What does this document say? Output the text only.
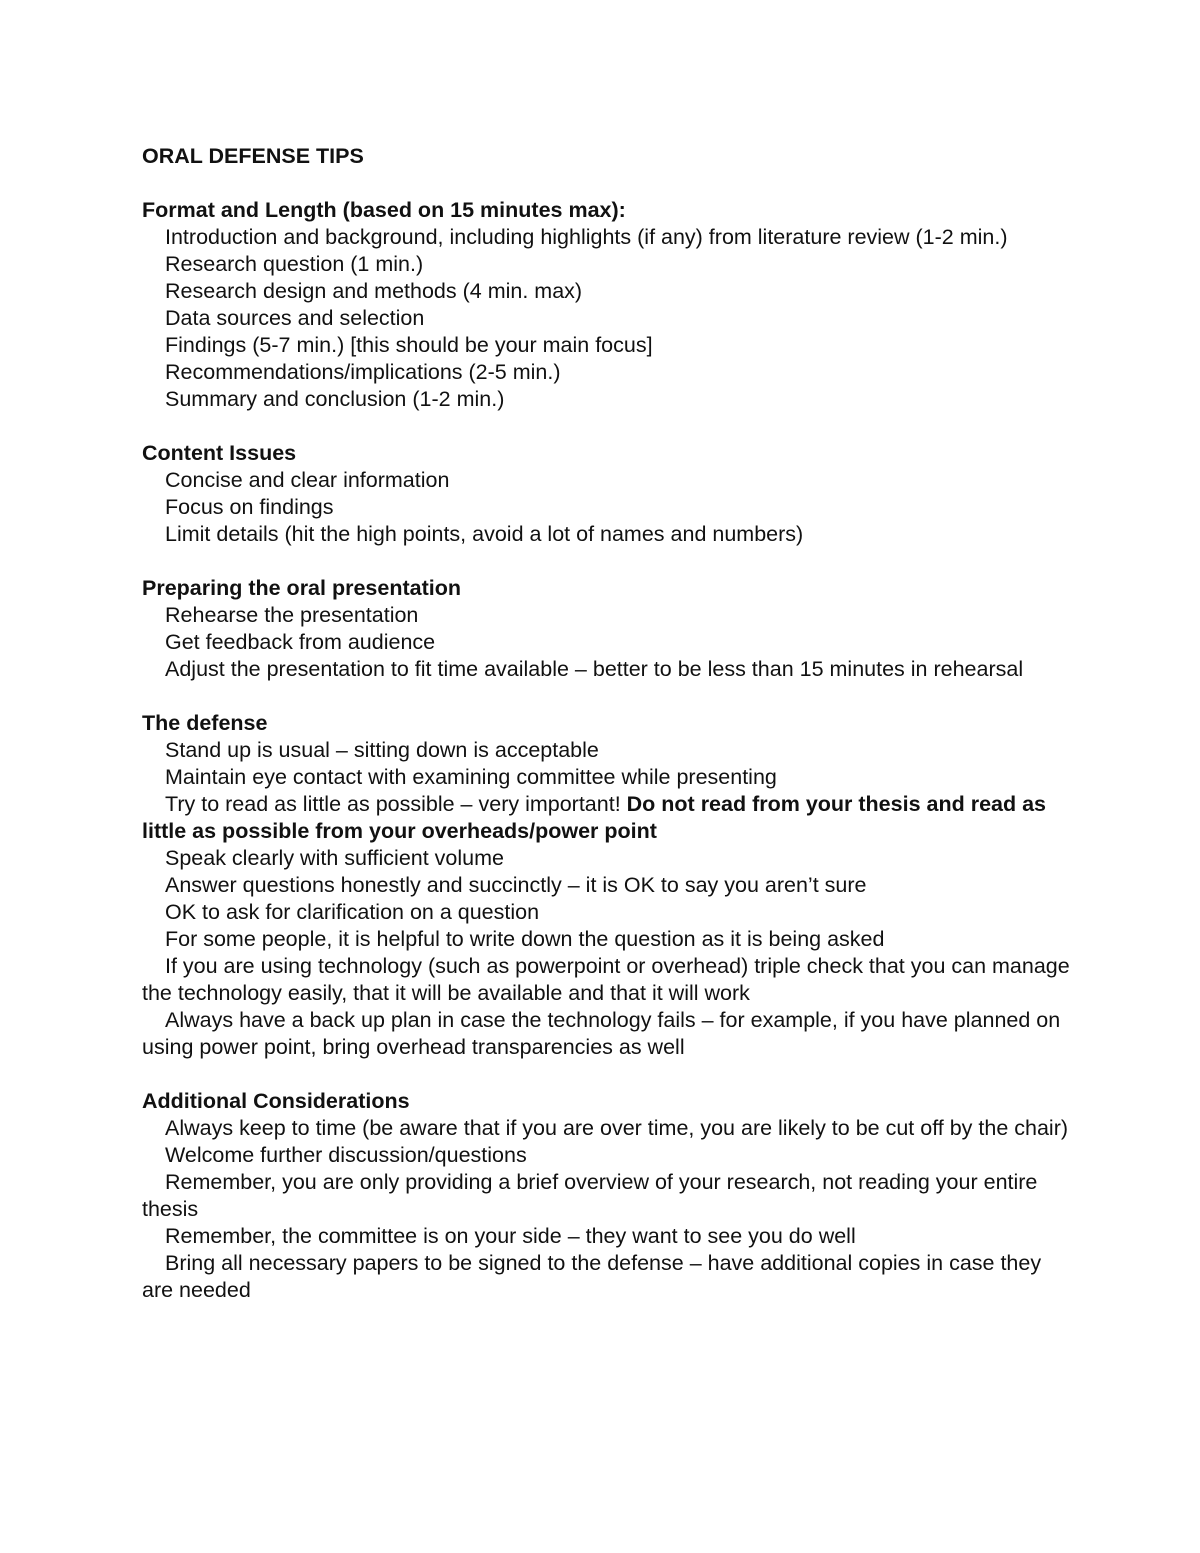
ORAL DEFENSE TIPS
Format and Length (based on 15 minutes max):
Introduction and background, including highlights (if any) from literature review (1-2 min.)
Research question (1 min.)
Research design and methods (4 min. max)
Data sources and selection
Findings (5-7 min.) [this should be your main focus]
Recommendations/implications (2-5 min.)
Summary and conclusion (1-2 min.)
Content Issues
Concise and clear information
Focus on findings
Limit details (hit the high points, avoid a lot of names and numbers)
Preparing the oral presentation
Rehearse the presentation
Get feedback from audience
Adjust the presentation to fit time available – better to be less than 15 minutes in rehearsal
The defense
Stand up is usual – sitting down is acceptable
Maintain eye contact with examining committee while presenting
Try to read as little as possible – very important! Do not read from your thesis and read as little as possible from your overheads/power point
Speak clearly with sufficient volume
Answer questions honestly and succinctly – it is OK to say you aren’t sure
OK to ask for clarification on a question
For some people, it is helpful to write down the question as it is being asked
If you are using technology (such as powerpoint or overhead) triple check that you can manage the technology easily, that it will be available and that it will work
Always have a back up plan in case the technology fails – for example, if you have planned on using power point, bring overhead transparencies as well
Additional Considerations
Always keep to time (be aware that if you are over time, you are likely to be cut off by the chair)
Welcome further discussion/questions
Remember, you are only providing a brief overview of your research, not reading your entire thesis
Remember, the committee is on your side – they want to see you do well
Bring all necessary papers to be signed to the defense – have additional copies in case they are needed
